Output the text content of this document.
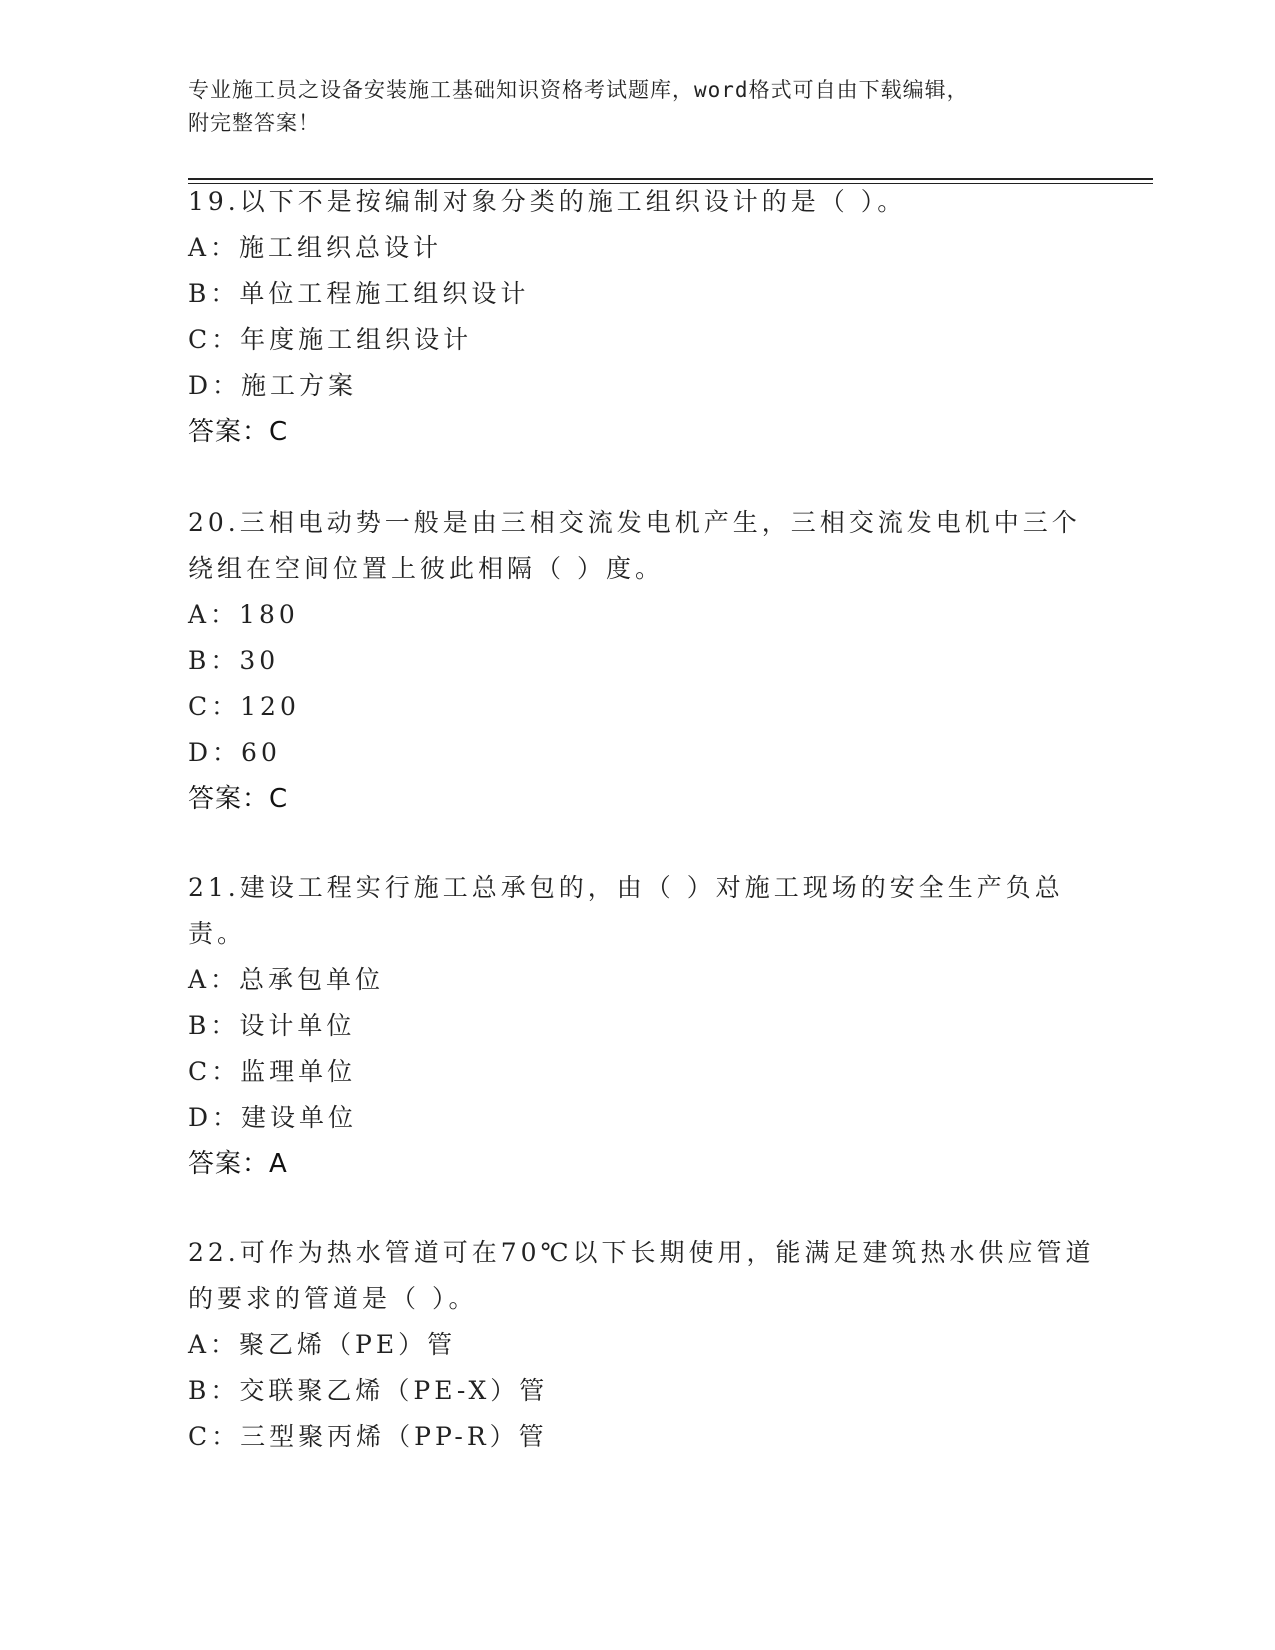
专业施工员之设备安装施工基础知识资格考试题库，word格式可自由下载编辑，
附完整答案！
19.以下不是按编制对象分类的施工组织设计的是（ ）。
A：施工组织总设计
B：单位工程施工组织设计
C：年度施工组织设计
D：施工方案
答案：C
20.三相电动势一般是由三相交流发电机产生，三相交流发电机中三个
绕组在空间位置上彼此相隔（ ）度。
A：180
B：30
C：120
D：60
答案：C
21.建设工程实行施工总承包的，由（ ）对施工现场的安全生产负总
责。
A：总承包单位
B：设计单位
C：监理单位
D：建设单位
答案：A
22.可作为热水管道可在70℃以下长期使用，能满足建筑热水供应管道
的要求的管道是（ ）。
A：聚乙烯（PE）管
B：交联聚乙烯（PE-X）管
C：三型聚丙烯（PP-R）管
